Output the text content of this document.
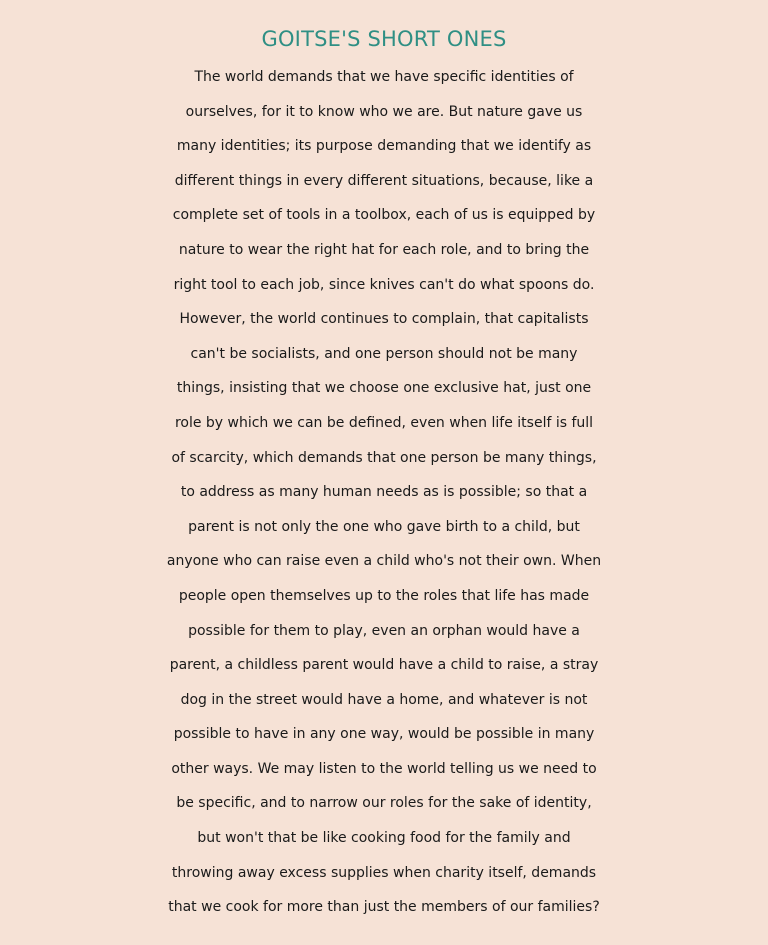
GOITSE'S SHORT ONES
The world demands that we have specific identities of
ourselves, for it to know who we are. But nature gave us
many identities; its purpose demanding that we identify as
different things in every different situations, because, like a
complete set of tools in a toolbox, each of us is equipped by
nature to wear the right hat for each role, and to bring the
right tool to each job, since knives can't do what spoons do.
However, the world continues to complain, that capitalists
can't be socialists, and one person should not be many
things, insisting that we choose one exclusive hat, just one
role by which we can be defined, even when life itself is full
of scarcity, which demands that one person be many things,
to address as many human needs as is possible; so that a
parent is not only the one who gave birth to a child, but
anyone who can raise even a child who's not their own. When
people open themselves up to the roles that life has made
possible for them to play, even an orphan would have a
parent, a childless parent would have a child to raise, a stray
dog in the street would have a home, and whatever is not
possible to have in any one way, would be possible in many
other ways. We may listen to the world telling us we need to
be specific, and to narrow our roles for the sake of identity,
but won't that be like cooking food for the family and
throwing away excess supplies when charity itself, demands
that we cook for more than just the members of our families?
